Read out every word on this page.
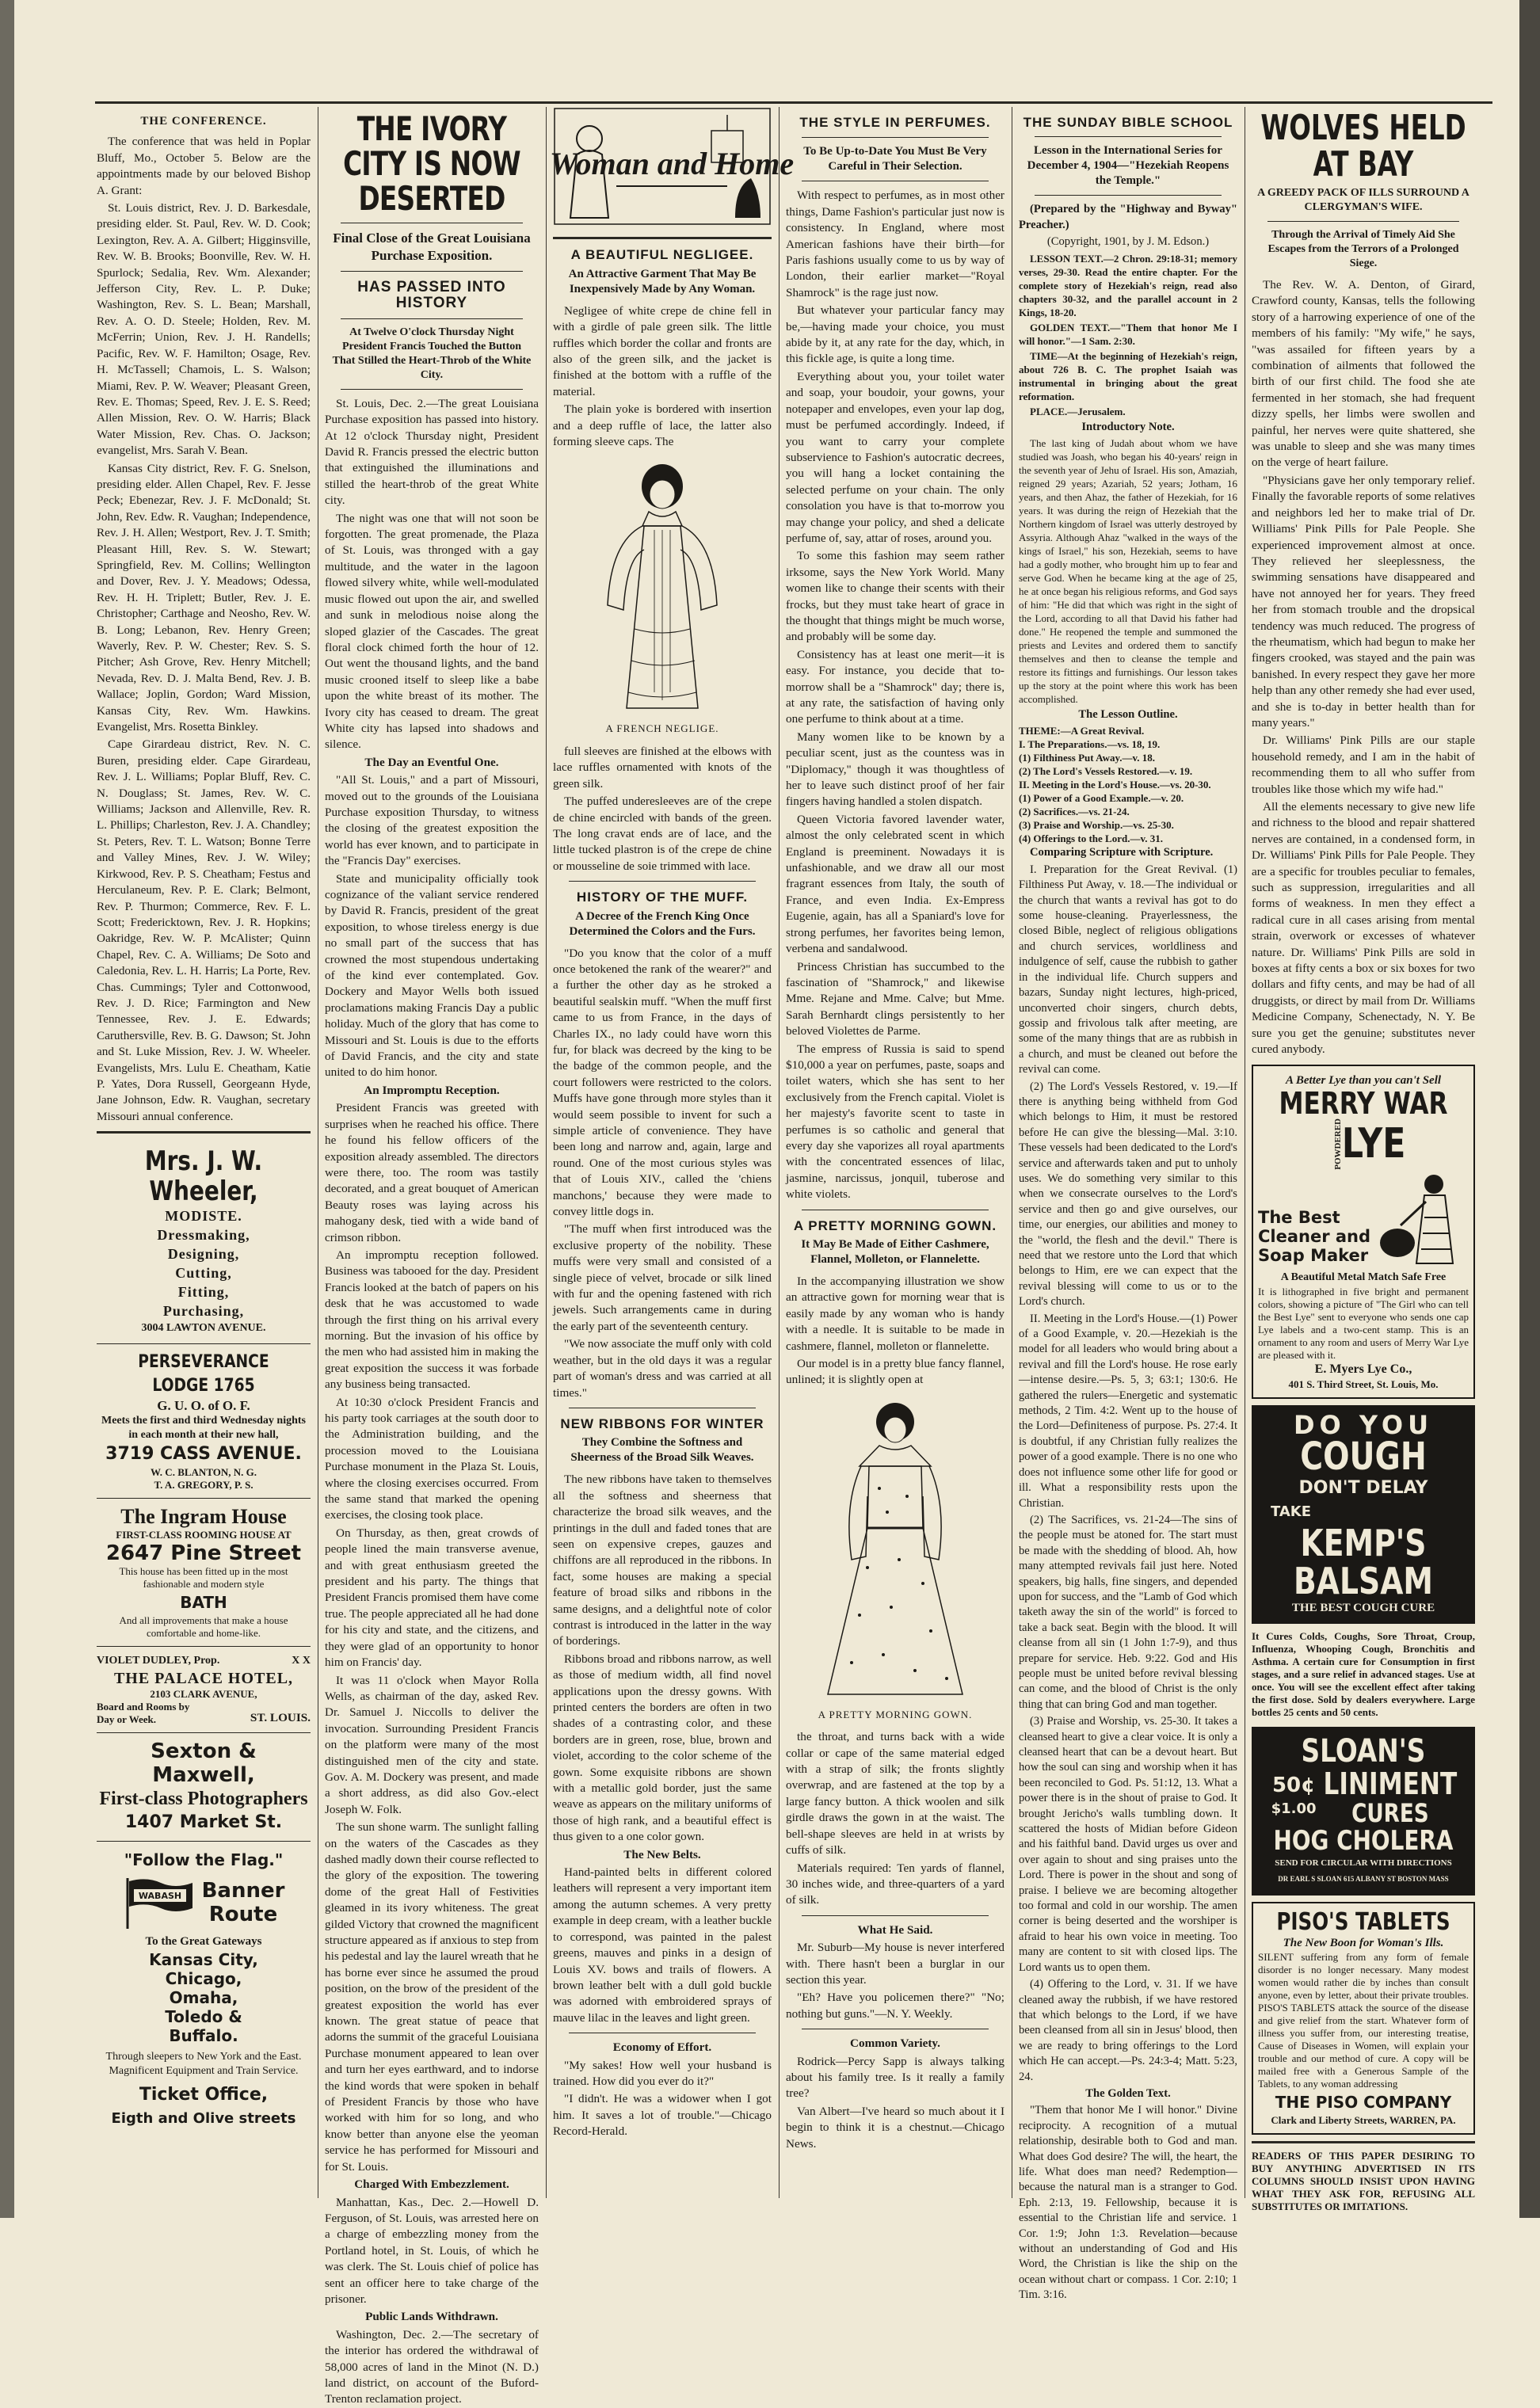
THE CONFERENCE.

The conference that was held in Poplar Bluff, Mo., October 5. Below are the appointments made by our beloved Bishop A. Grant:

St. Louis district, Rev. J. D. Barkesdale, presiding elder. St. Paul, Rev. W. D. Cook; Lexington, Rev. A. A. Gilbert; Higginsville, Rev. W. B. Brooks; Boonville, Rev. W. H. Spurlock; Sedalia, Rev. Wm. Alexander; Jefferson City, Rev. L. P. Duke; Washington, Rev. S. L. Bean; Marshall, Rev. A. O. D. Steele; Holden, Rev. M. McFerrin; Union, Rev. J. H. Randells; Pacific, Rev. W. F. Hamilton; Osage, Rev. H. McTassell; Chamois, L. S. Walson; Miami, Rev. P. W. Weaver; Pleasant Green, Rev. E. Thomas; Speed, Rev. J. E. S. Reed; Allen Mission, Rev. O. W. Harris; Black Water Mission, Rev. Chas. O. Jackson; evangelist, Mrs. Sarah V. Bean.

Kansas City district, Rev. F. G. Snelson, presiding elder. Allen Chapel, Rev. F. Jesse Peck; Ebenezar, Rev. J. F. McDonald; St. John, Rev. Edw. R. Vaughan; Independence, Rev. J. H. Allen; Westport, Rev. J. T. Smith; Pleasant Hill, Rev. S. W. Stewart; Springfield, Rev. M. Collins; Wellington and Dover, Rev. J. Y. Meadows; Odessa, Rev. H. H. Triplett; Butler, Rev. J. E. Christopher; Carthage and Neosho, Rev. W. B. Long; Lebanon, Rev. Henry Green; Waverly, Rev. P. W. Chester; Rev. S. S. Pitcher; Ash Grove, Rev. Henry Mitchell; Nevada, Rev. D. J. Malta Bend, Rev. J. B. Wallace; Joplin, Gordon; Ward Mission, Kansas City, Rev. Wm. Hawkins. Evangelist, Mrs. Rosetta Binkley.

Cape Girardeau district, Rev. N. C. Buren, presiding elder. Cape Girardeau, Rev. J. L. Williams; Poplar Bluff, Rev. C. N. Douglass; St. James, Rev. W. C. Williams; Jackson and Allenville, Rev. R. L. Phillips; Charleston, Rev. J. A. Chandley; St. Peters, Rev. T. L. Watson; Bonne Terre and Valley Mines, Rev. J. W. Wiley; Kirkwood, Rev. P. S. Cheatham; Festus and Herculaneum, Rev. P. E. Clark; Belmont, Rev. P. Thurmon; Commerce, Rev. F. L. Scott; Fredericktown, Rev. J. R. Hopkins; Oakridge, Rev. W. P. McAlister; Quinn Chapel, Rev. C. A. Williams; De Soto and Caledonia, Rev. L. H. Harris; La Porte, Rev. Chas. Cummings; Tyler and Cottonwood, Rev. J. D. Rice; Farmington and New Tennessee, Rev. J. E. Edwards; Caruthersville, Rev. B. G. Dawson; St. John and St. Luke Mission, Rev. J. W. Wheeler. Evangelists, Mrs. Lulu E. Cheatham, Katie P. Yates, Dora Russell, Georgeann Hyde, Jane Johnson, Edw. R. Vaughan, secretary Missouri annual conference.

Mrs. J. W. Wheeler,
MODISTE.
Dressmaking,
Designing,
Cutting,
Fitting,
Purchasing,
3004 LAWTON AVENUE.
PERSEVERANCE LODGE 1765
G. U. O. of O. F.
Meets the first and third Wednesday nights in each month at their new hall,
3719 CASS AVENUE.
W. C. BLANTON, N. G.
T. A. GREGORY, P. S.
The Ingram House
FIRST-CLASS ROOMING HOUSE AT
2647 Pine Street
This house has been fitted up in the most fashionable and modern style
BATH
And all improvements that make a house comfortable and home-like.
VIOLET DUDLEY, Prop.	X X
THE PALACE HOTEL,
2103 CLARK AVENUE,
Board and Rooms by Day or Week.	ST. LOUIS.
Sexton & Maxwell,
First-class Photographers
1407 Market St.
"Follow the Flag."
WABASH Banner
Route
To the Great Gateways
Kansas City,
Chicago,
Omaha,
Toledo &
Buffalo.
Through sleepers to New York and the East. Magnificent Equipment and Train Service.
Ticket Office,
Eigth and Olive streets
THE IVORY CITY IS NOW DESERTED
Final Close of the Great Louisiana Purchase Exposition.
HAS PASSED INTO HISTORY
At Twelve O'clock Thursday Night President Francis Touched the Button That Stilled the Heart-Throb of the White City.

St. Louis, Dec. 2.—The great Louisiana Purchase exposition has passed into history. At 12 o'clock Thursday night, President David R. Francis pressed the electric button that extinguished the illuminations and stilled the heart-throb of the great White city.

The night was one that will not soon be forgotten. The great promenade, the Plaza of St. Louis, was thronged with a gay multitude, and the water in the lagoon flowed silvery white, while well-modulated music flowed out upon the air, and swelled and sunk in melodious noise along the sloped glazier of the Cascades. The great floral clock chimed forth the hour of 12. Out went the thousand lights, and the band music crooned itself to sleep like a babe upon the white breast of its mother. The Ivory city has ceased to dream. The great White city has lapsed into shadows and silence.

The Day an Eventful One.

"All St. Louis," and a part of Missouri, moved out to the grounds of the Louisiana Purchase exposition Thursday, to witness the closing of the greatest exposition the world has ever known, and to participate in the "Francis Day" exercises.

State and municipality officially took cognizance of the valiant service rendered by David R. Francis, president of the great exposition, to whose tireless energy is due no small part of the success that has crowned the most stupendous undertaking of the kind ever contemplated. Gov. Dockery and Mayor Wells both issued proclamations making Francis Day a public holiday. Much of the glory that has come to Missouri and St. Louis is due to the efforts of David Francis, and the city and state united to do him honor.

An Impromptu Reception.

President Francis was greeted with surprises when he reached his office. There he found his fellow officers of the exposition already assembled. The directors were there, too. The room was tastily decorated, and a great bouquet of American Beauty roses was laying across his mahogany desk, tied with a wide band of crimson ribbon.

An impromptu reception followed. Business was tabooed for the day. President Francis looked at the batch of papers on his desk that he was accustomed to wade through the first thing on his arrival every morning. But the invasion of his office by the men who had assisted him in making the great exposition the success it was forbade any business being transacted.

At 10:30 o'clock President Francis and his party took carriages at the south door to the Administration building, and the procession moved to the Louisiana Purchase monument in the Plaza St. Louis, where the closing exercises occurred. From the same stand that marked the opening exercises, the closing took place.

On Thursday, as then, great crowds of people lined the main transverse avenue, and with great enthusiasm greeted the president and his party. The things that President Francis promised them have come true. The people appreciated all he had done for his city and state, and the citizens, and they were glad of an opportunity to honor him on Francis' day.

It was 11 o'clock when Mayor Rolla Wells, as chairman of the day, asked Rev. Dr. Samuel J. Niccolls to deliver the invocation. Surrounding President Francis on the platform were many of the most distinguished men of the city and state. Gov. A. M. Dockery was present, and made a short address, as did also Gov.-elect Joseph W. Folk.

The sun shone warm. The sunlight falling on the waters of the Cascades as they dashed madly down their course reflected to the glory of the exposition. The towering dome of the great Hall of Festivities gleamed in its ivory whiteness. The great gilded Victory that crowned the magnificent structure appeared as if anxious to step from his pedestal and lay the laurel wreath that he has borne ever since he assumed the proud position, on the brow of the president of the greatest exposition the world has ever known. The great statue of peace that adorns the summit of the graceful Louisiana Purchase monument appeared to lean over and turn her eyes earthward, and to indorse the kind words that were spoken in behalf of President Francis by those who have worked with him for so long, and who know better than anyone else the yeoman service he has performed for Missouri and for St. Louis.

Charged With Embezzlement.

Manhattan, Kas., Dec. 2.—Howell D. Ferguson, of St. Louis, was arrested here on a charge of embezzling money from the Portland hotel, in St. Louis, of which he was clerk. The St. Louis chief of police has sent an officer here to take charge of the prisoner.

Public Lands Withdrawn.

Washington, Dec. 2.—The secretary of the interior has ordered the withdrawal of 58,000 acres of land in the Minot (N. D.) land district, on account of the Buford-Trenton reclamation project.

Woman and Home
A BEAUTIFUL NEGLIGEE.
An Attractive Garment That May Be Inexpensively Made by Any Woman.

Negligee of white crepe de chine fell in with a girdle of pale green silk. The little ruffles which border the collar and fronts are also of the green silk, and the jacket is finished at the bottom with a ruffle of the material.

The plain yoke is bordered with insertion and a deep ruffle of lace, the latter also forming sleeve caps. The

A FRENCH NEGLIGE.

full sleeves are finished at the elbows with lace ruffles ornamented with knots of the green silk.

The puffed underesleeves are of the crepe de chine encircled with bands of the green. The long cravat ends are of lace, and the little tucked plastron is of the crepe de chine or mousseline de soie trimmed with lace.

HISTORY OF THE MUFF.
A Decree of the French King Once Determined the Colors and the Furs.

"Do you know that the color of a muff once betokened the rank of the wearer?" and a further the other day as he stroked a beautiful sealskin muff. "When the muff first came to us from France, in the days of Charles IX., no lady could have worn this fur, for black was decreed by the king to be the badge of the common people, and the court followers were restricted to the colors. Muffs have gone through more styles than it would seem possible to invent for such a simple article of convenience. They have been long and narrow and, again, large and round. One of the most curious styles was that of Louis XIV., called the 'chiens manchons,' because they were made to convey little dogs in.

"The muff when first introduced was the exclusive property of the nobility. These muffs were very small and consisted of a single piece of velvet, brocade or silk lined with fur and the opening fastened with rich jewels. Such arrangements came in during the early part of the seventeenth century.

"We now associate the muff only with cold weather, but in the old days it was a regular part of woman's dress and was carried at all times."

NEW RIBBONS FOR WINTER
They Combine the Softness and Sheerness of the Broad Silk Weaves.

The new ribbons have taken to themselves all the softness and sheerness that characterize the broad silk weaves, and the printings in the dull and faded tones that are seen on expensive crepes, gauzes and chiffons are all reproduced in the ribbons. In fact, some houses are making a special feature of broad silks and ribbons in the same designs, and a delightful note of color contrast is introduced in the latter in the way of borderings.

Ribbons broad and ribbons narrow, as well as those of medium width, all find novel applications upon the dressy gowns. With printed centers the borders are often in two shades of a contrasting color, and these borders are in green, rose, blue, brown and violet, according to the color scheme of the gown. Some exquisite ribbons are shown with a metallic gold border, just the same weave as appears on the military uniforms of those of high rank, and a beautiful effect is thus given to a one color gown.

The New Belts.

Hand-painted belts in different colored leathers will represent a very important item among the autumn schemes. A very pretty example in deep cream, with a leather buckle to correspond, was painted in the palest greens, mauves and pinks in a design of Louis XV. bows and trails of flowers. A brown leather belt with a dull gold buckle was adorned with embroidered sprays of mauve lilac in the leaves and light green.

Economy of Effort.

"My sakes! How well your husband is trained. How did you ever do it?"

"I didn't. He was a widower when I got him. It saves a lot of trouble."—Chicago Record-Herald.

THE STYLE IN PERFUMES.
To Be Up-to-Date You Must Be Very Careful in Their Selection.

With respect to perfumes, as in most other things, Dame Fashion's particular just now is consistency. In England, where most American fashions have their birth—for Paris fashions usually come to us by way of London, their earlier market—"Royal Shamrock" is the rage just now.

But whatever your particular fancy may be,—having made your choice, you must abide by it, at any rate for the day, which, in this fickle age, is quite a long time.

Everything about you, your toilet water and soap, your boudoir, your gowns, your notepaper and envelopes, even your lap dog, must be perfumed accordingly. Indeed, if you want to carry your complete subservience to Fashion's autocratic decrees, you will hang a locket containing the selected perfume on your chain. The only consolation you have is that to-morrow you may change your policy, and shed a delicate perfume of, say, attar of roses, around you.

To some this fashion may seem rather irksome, says the New York World. Many women like to change their scents with their frocks, but they must take heart of grace in the thought that things might be much worse, and probably will be some day.

Consistency has at least one merit—it is easy. For instance, you decide that to-morrow shall be a "Shamrock" day; there is, at any rate, the satisfaction of having only one perfume to think about at a time.

Many women like to be known by a peculiar scent, just as the countess was in "Diplomacy," though it was thoughtless of her to leave such distinct proof of her fair fingers having handled a stolen dispatch.

Queen Victoria favored lavender water, almost the only celebrated scent in which England is preeminent. Nowadays it is unfashionable, and we draw all our most fragrant essences from Italy, the south of France, and even India. Ex-Empress Eugenie, again, has all a Spaniard's love for strong perfumes, her favorites being lemon, verbena and sandalwood.

Princess Christian has succumbed to the fascination of "Shamrock," and likewise Mme. Rejane and Mme. Calve; but Mme. Sarah Bernhardt clings persistently to her beloved Violettes de Parme.

The empress of Russia is said to spend $10,000 a year on perfumes, paste, soaps and toilet waters, which she has sent to her exclusively from the French capital. Violet is her majesty's favorite scent to taste in perfumes is so catholic and general that every day she vaporizes all royal apartments with the concentrated essences of lilac, jasmine, narcissus, jonquil, tuberose and white violets.

A PRETTY MORNING GOWN.
It May Be Made of Either Cashmere, Flannel, Molleton, or Flannelette.

In the accompanying illustration we show an attractive gown for morning wear that is easily made by any woman who is handy with a needle. It is suitable to be made in cashmere, flannel, molleton or flannelette.

Our model is in a pretty blue fancy flannel, unlined; it is slightly open at

A PRETTY MORNING GOWN.

the throat, and turns back with a wide collar or cape of the same material edged with a strap of silk; the fronts slightly overwrap, and are fastened at the top by a large fancy button. A thick woolen and silk girdle draws the gown in at the waist. The bell-shape sleeves are held in at wrists by cuffs of silk.

Materials required: Ten yards of flannel, 30 inches wide, and three-quarters of a yard of silk.

What He Said.

Mr. Suburb—My house is never interfered with. There hasn't been a burglar in our section this year.

"Eh? Have you policemen there?" "No; nothing but guns."—N. Y. Weekly.

Common Variety.

Rodrick—Percy Sapp is always talking about his family tree. Is it really a family tree?

Van Albert—I've heard so much about it I begin to think it is a chestnut.—Chicago News.

THE SUNDAY BIBLE SCHOOL
Lesson in the International Series for December 4, 1904—"Hezekiah Reopens the Temple."

(Prepared by the "Highway and Byway" Preacher.)

(Copyright, 1901, by J. M. Edson.)

LESSON TEXT.—2 Chron. 29:18-31; memory verses, 29-30. Read the entire chapter. For the complete story of Hezekiah's reign, read also chapters 30-32, and the parallel account in 2 Kings, 18-20.

GOLDEN TEXT.—"Them that honor Me I will honor."—1 Sam. 2:30.

TIME—At the beginning of Hezekiah's reign, about 726 B. C. The prophet Isaiah was instrumental in bringing about the great reformation.

PLACE.—Jerusalem.

Introductory Note.

The last king of Judah about whom we have studied was Joash, who began his 40-years' reign in the seventh year of Jehu of Israel. His son, Amaziah, reigned 29 years; Azariah, 52 years; Jotham, 16 years, and then Ahaz, the father of Hezekiah, for 16 years. It was during the reign of Hezekiah that the Northern kingdom of Israel was utterly destroyed by Assyria. Although Ahaz "walked in the ways of the kings of Israel," his son, Hezekiah, seems to have had a godly mother, who brought him up to fear and serve God. When he became king at the age of 25, he at once began his religious reforms, and God says of him: "He did that which was right in the sight of the Lord, according to all that David his father had done." He reopened the temple and summoned the priests and Levites and ordered them to sanctify themselves and then to cleanse the temple and restore its fittings and furnishings. Our lesson takes up the story at the point where this work has been accomplished.

The Lesson Outline.

THEME:—A Great Revival.
I. The Preparations.—vs. 18, 19.
(1) Filthiness Put Away.—v. 18.
(2) The Lord's Vessels Restored.—v. 19.
II. Meeting in the Lord's House.—vs. 20-30.
(1) Power of a Good Example.—v. 20.
(2) Sacrifices.—vs. 21-24.
(3) Praise and Worship.—vs. 25-30.
(4) Offerings to the Lord.—v. 31.

Comparing Scripture with Scripture.

I. Preparation for the Great Revival. (1) Filthiness Put Away, v. 18.—The individual or the church that wants a revival has got to do some house-cleaning. Prayerlessness, the closed Bible, neglect of religious obligations and church services, worldliness and indulgence of self, cause the rubbish to gather in the individual life. Church suppers and bazars, Sunday night lectures, high-priced, unconverted choir singers, church debts, gossip and frivolous talk after meeting, are some of the many things that are as rubbish in a church, and must be cleaned out before the revival can come.

(2) The Lord's Vessels Restored, v. 19.—If there is anything being withheld from God which belongs to Him, it must be restored before He can give the blessing—Mal. 3:10. These vessels had been dedicated to the Lord's service and afterwards taken and put to unholy uses. We do something very similar to this when we consecrate ourselves to the Lord's service and then go and give ourselves, our time, our energies, our abilities and money to the "world, the flesh and the devil." There is need that we restore unto the Lord that which belongs to Him, ere we can expect that the revival blessing will come to us or to the Lord's church.

II. Meeting in the Lord's House.—(1) Power of a Good Example, v. 20.—Hezekiah is the model for all leaders who would bring about a revival and fill the Lord's house. He rose early—intense desire.—Ps. 5, 3; 63:1; 130:6. He gathered the rulers—Energetic and systematic methods, 2 Tim. 4:2. Went up to the house of the Lord—Definiteness of purpose. Ps. 27:4. It is doubtful, if any Christian fully realizes the power of a good example. There is no one who does not influence some other life for good or ill. What a responsibility rests upon the Christian.

(2) The Sacrifices, vs. 21-24—The sins of the people must be atoned for. The start must be made with the shedding of blood. Ah, how many attempted revivals fail just here. Noted speakers, big halls, fine singers, and depended upon for success, and the "Lamb of God which taketh away the sin of the world" is forced to take a back seat. Begin with the blood. It will cleanse from all sin (1 John 1:7-9), and thus prepare for service. Heb. 9:22. God and His people must be united before revival blessing can come, and the blood of Christ is the only thing that can bring God and man together.

(3) Praise and Worship, vs. 25-30. It takes a cleansed heart to give a clear voice. It is only a cleansed heart that can be a devout heart. But how the soul can sing and worship when it has been reconciled to God. Ps. 51:12, 13. What a power there is in the shout of praise to God. It brought Jericho's walls tumbling down. It scattered the hosts of Midian before Gideon and his faithful band. David urges us over and over again to shout and sing praises unto the Lord. There is power in the shout and song of praise. I believe we are becoming altogether too formal and cold in our worship. The amen corner is being deserted and the worshiper is afraid to hear his own voice in meeting. Too many are content to sit with closed lips. The Lord wants us to open them.

(4) Offering to the Lord, v. 31. If we have cleaned away the rubbish, if we have restored that which belongs to the Lord, if we have been cleansed from all sin in Jesus' blood, then we are ready to bring offerings to the Lord which He can accept.—Ps. 24:3-4; Matt. 5:23, 24.

The Golden Text.

"Them that honor Me I will honor." Divine reciprocity. A recognition of a mutual relationship, desirable both to God and man. What does God desire? The will, the heart, the life. What does man need? Redemption—because the natural man is a stranger to God. Eph. 2:13, 19. Fellowship, because it is essential to the Christian life and service. 1 Cor. 1:9; John 1:3. Revelation—because without an understanding of God and His Word, the Christian is like the ship on the ocean without chart or compass. 1 Cor. 2:10; 1 Tim. 3:16.

WOLVES HELD AT BAY
A GREEDY PACK OF ILLS SURROUND A CLERGYMAN'S WIFE.
Through the Arrival of Timely Aid She Escapes from the Terrors of a Prolonged Siege.

The Rev. W. A. Denton, of Girard, Crawford county, Kansas, tells the following story of a harrowing experience of one of the members of his family: "My wife," he says, "was assailed for fifteen years by a combination of ailments that followed the birth of our first child. The food she ate fermented in her stomach, she had frequent dizzy spells, her limbs were swollen and painful, her nerves were quite shattered, she was unable to sleep and she was many times on the verge of heart failure.

"Physicians gave her only temporary relief. Finally the favorable reports of some relatives and neighbors led her to make trial of Dr. Williams' Pink Pills for Pale People. She experienced improvement almost at once. They relieved her sleeplessness, the swimming sensations have disappeared and have not annoyed her for years. They freed her from stomach trouble and the dropsical tendency was much reduced. The progress of the rheumatism, which had begun to make her fingers crooked, was stayed and the pain was banished. In every respect they gave her more help than any other remedy she had ever used, and she is to-day in better health than for many years."

Dr. Williams' Pink Pills are our staple household remedy, and I am in the habit of recommending them to all who suffer from troubles like those which my wife had."

All the elements necessary to give new life and richness to the blood and repair shattered nerves are contained, in a condensed form, in Dr. Williams' Pink Pills for Pale People. They are a specific for troubles peculiar to females, such as suppression, irregularities and all forms of weakness. In men they effect a radical cure in all cases arising from mental strain, overwork or excesses of whatever nature. Dr. Williams' Pink Pills are sold in boxes at fifty cents a box or six boxes for two dollars and fifty cents, and may be had of all druggists, or direct by mail from Dr. Williams Medicine Company, Schenectady, N. Y. Be sure you get the genuine; substitutes never cured anybody.

A Better Lye than you can't Sell
MERRY WAR
POWDERED LYE
The Best Cleaner and Soap Maker
A Beautiful Metal Match Safe Free
It is lithographed in five bright and permanent colors, showing a picture of "The Girl who can tell the Best Lye" sent to everyone who sends one cap Lye labels and a two-cent stamp. This is an ornament to any room and users of Merry War Lye are pleased with it.
E. Myers Lye Co.,
401 S. Third Street, St. Louis, Mo.
DO YOU
COUGH
DON'T DELAY
TAKE
KEMP'S
BALSAM
THE BEST COUGH CURE
It Cures Colds, Coughs, Sore Throat, Croup, Influenza, Whooping Cough, Bronchitis and Asthma. A certain cure for Consumption in first stages, and a sure relief in advanced stages. Use at once. You will see the excellent effect after taking the first dose. Sold by dealers everywhere. Large bottles 25 cents and 50 cents.
SLOAN'S
50¢
$1.00
LINIMENT
CURES
HOG CHOLERA
SEND FOR CIRCULAR WITH DIRECTIONS
DR EARL S SLOAN 615 ALBANY ST BOSTON MASS
PISO'S TABLETS
The New Boon for Woman's Ills.
SILENT suffering from any form of female disorder is no longer necessary. Many modest women would rather die by inches than consult anyone, even by letter, about their private troubles. PISO'S TABLETS attack the source of the disease and give relief from the start. Whatever form of illness you suffer from, our interesting treatise, Cause of Diseases in Women, will explain your trouble and our method of cure. A copy will be mailed free with a Generous Sample of the Tablets, to any woman addressing
THE PISO COMPANY
Clark and Liberty Streets, WARREN, PA.
READERS OF THIS PAPER DESIRING TO BUY ANYTHING ADVERTISED IN ITS COLUMNS SHOULD INSIST UPON HAVING WHAT THEY ASK FOR, REFUSING ALL SUBSTITUTES OR IMITATIONS.
